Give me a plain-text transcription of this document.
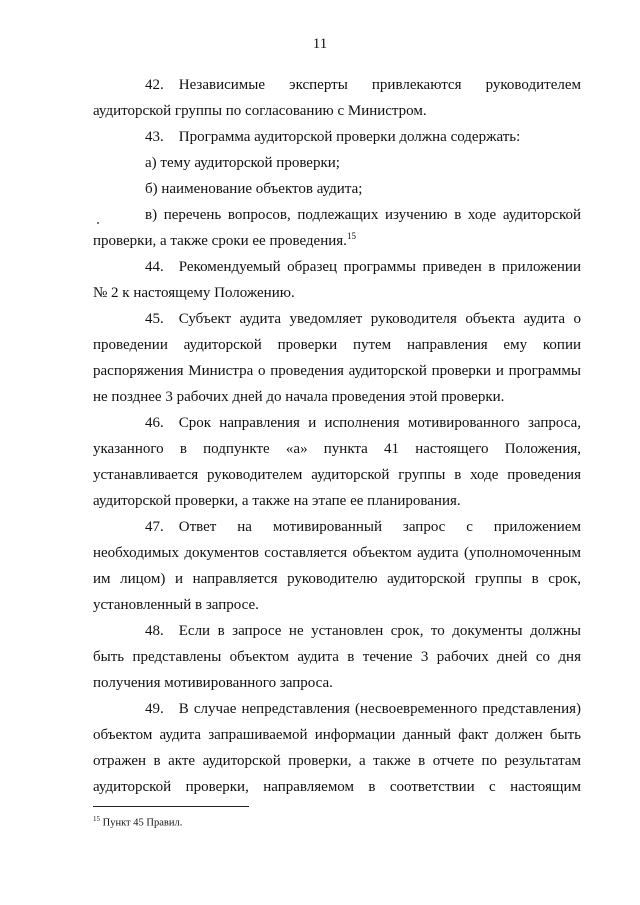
11

42. Независимые эксперты привлекаются руководителем аудиторской группы по согласованию с Министром.

43. Программа аудиторской проверки должна содержать:

а) тему аудиторской проверки;

б) наименование объектов аудита;

в) перечень вопросов, подлежащих изучению в ходе аудиторской проверки, а также сроки ее проведения.$^{15}$

44. Рекомендуемый образец программы приведен в приложении № 2 к настоящему Положению.

45. Субъект аудита уведомляет руководителя объекта аудита о проведении аудиторской проверки путем направления ему копии распоряжения Министра о проведения аудиторской проверки и программы не позднее 3 рабочих дней до начала проведения этой проверки.

46. Срок направления и исполнения мотивированного запроса, указанного в подпункте «а» пункта 41 настоящего Положения, устанавливается руководителем аудиторской группы в ходе проведения аудиторской проверки, а также на этапе ее планирования.

47. Ответ на мотивированный запрос с приложением необходимых документов составляется объектом аудита (уполномоченным им лицом) и направляется руководителю аудиторской группы в срок, установленный в запросе.

48. Если в запросе не установлен срок, то документы должны быть представлены объектом аудита в течение 3 рабочих дней со дня получения мотивированного запроса.

49. В случае непредставления (несвоевременного представления) объектом аудита запрашиваемой информации данный факт должен быть отражен в акте аудиторской проверки, а также в отчете по результатам аудиторской проверки, направляемом в соответствии с настоящим

$^{15}$ Пункт 45 Правил.
